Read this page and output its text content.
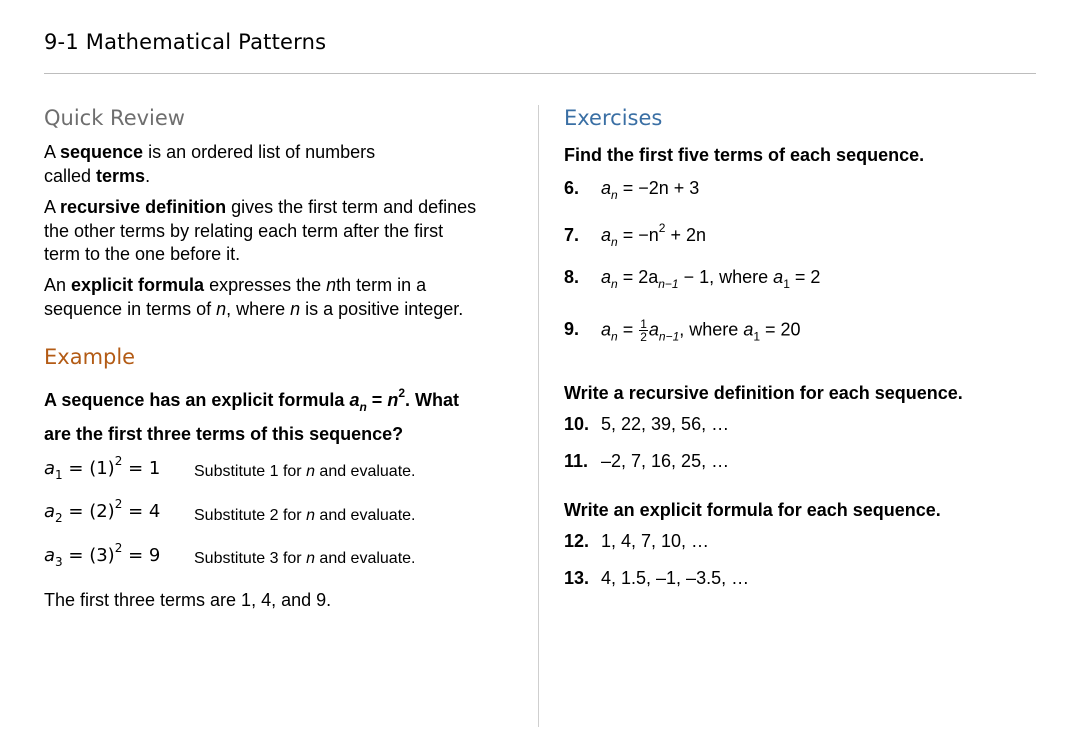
9-1 Mathematical Patterns
Quick Review
A sequence is an ordered list of numbers
called terms.
A recursive definition gives the first term and defines
the other terms by relating each term after the first
term to the one before it.
An explicit formula expresses the nth term in a
sequence in terms of n, where n is a positive integer.
Example
A sequence has an explicit formula $a_n = n^2$. What
are the first three terms of this sequence?
$a_1 = (1)^2 = 1$ Substitute 1 for n and evaluate.
$a_2 = (2)^2 = 4$ Substitute 2 for n and evaluate.
$a_3 = (3)^2 = 9$ Substitute 3 for n and evaluate.
The first three terms are 1, 4, and 9.
Exercises
Find the first five terms of each sequence.
6. $a_n = -2n + 3$
7. $a_n = -n^2 + 2n$
8. $a_n = 2a_{n-1} - 1$, where $a_1 = 2$
9. $a_n = \frac{1}{2} a_{n-1}$, where $a_1 = 20$
Write a recursive definition for each sequence.
10. 5, 22, 39, 56, …
11. –2, 7, 16, 25, …
Write an explicit formula for each sequence.
12. 1, 4, 7, 10, …
13. 4, 1.5, –1, –3.5, …
